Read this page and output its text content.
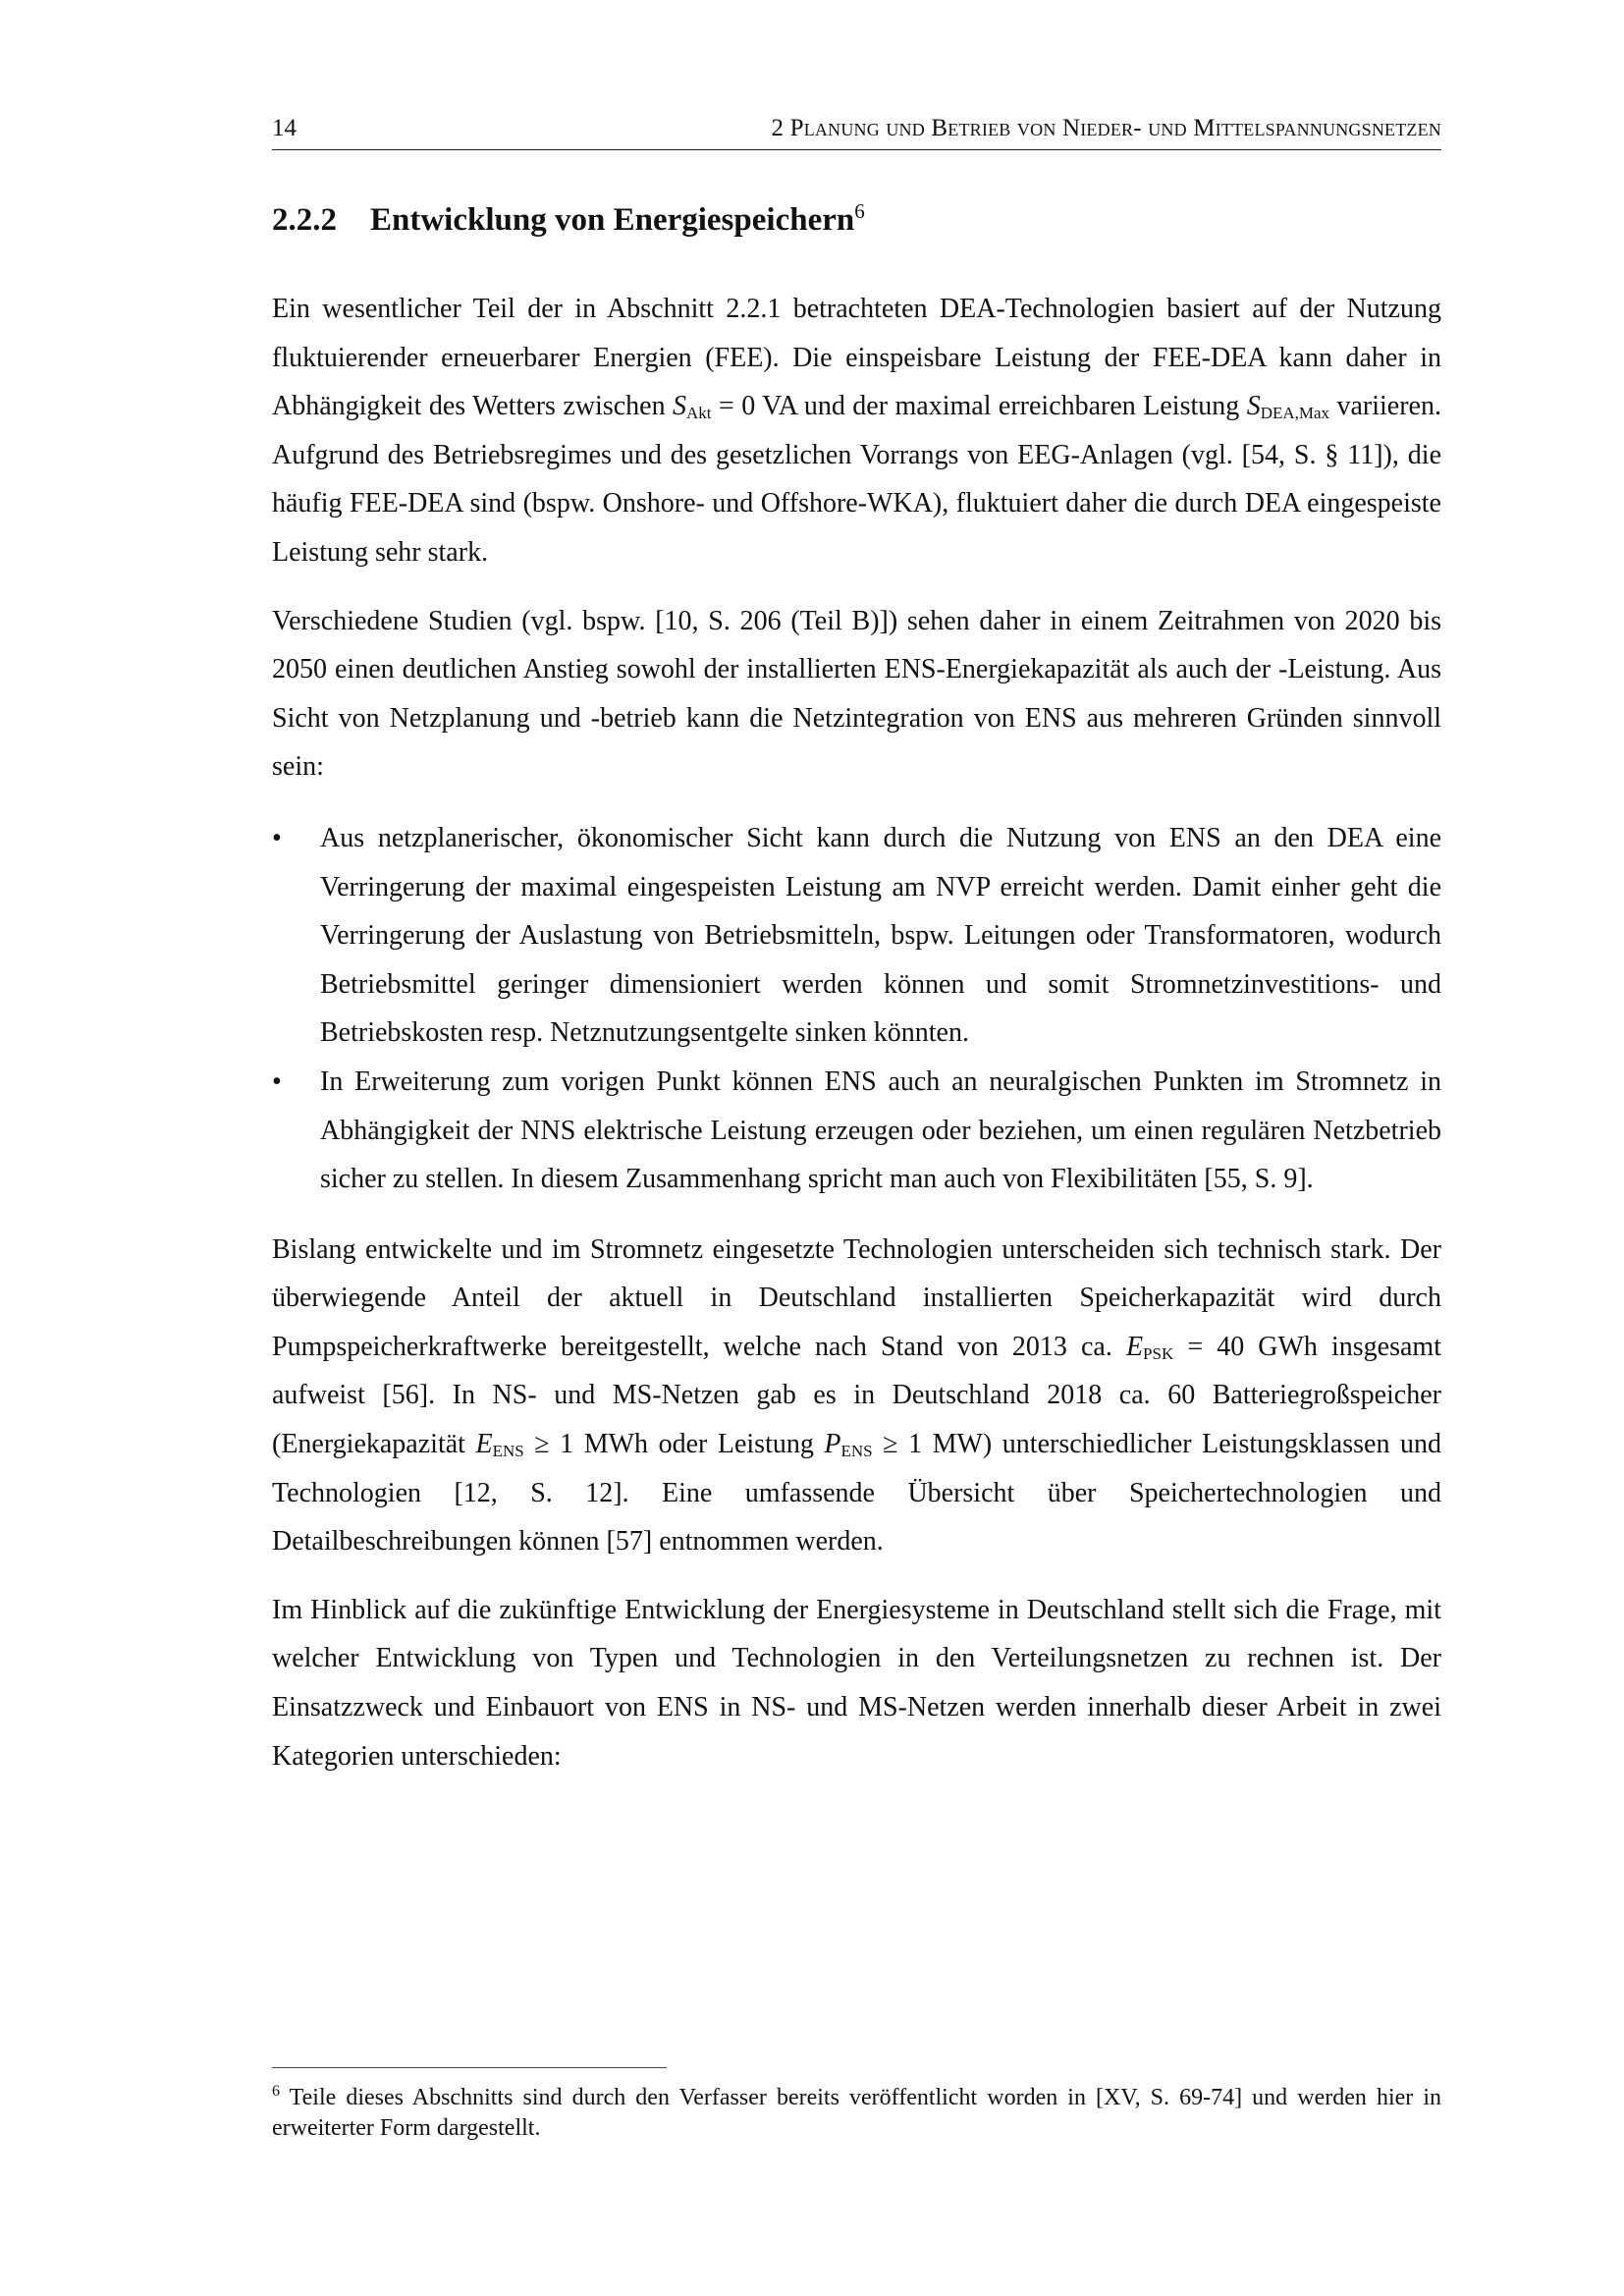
14	2 Planung und Betrieb von Nieder- und Mittelspannungsnetzen
2.2.2 Entwicklung von Energiespeichern$^6$

Ein wesentlicher Teil der in Abschnitt 2.2.1 betrachteten DEA-Technologien basiert auf der Nutzung fluktuierender erneuerbarer Energien (FEE). Die einspeisbare Leistung der FEE-DEA kann daher in Abhängigkeit des Wetters zwischen $S_{Akt} = 0$ VA und der maximal erreichbaren Leistung $S_{DEA,Max}$ variieren. Aufgrund des Betriebsregimes und des gesetzlichen Vorrangs von EEG-Anlagen (vgl. [54, S. § 11]), die häufig FEE-DEA sind (bspw. Onshore- und Offshore-WKA), fluktuiert daher die durch DEA eingespeiste Leistung sehr stark.

Verschiedene Studien (vgl. bspw. [10, S. 206 (Teil B)]) sehen daher in einem Zeitrahmen von 2020 bis 2050 einen deutlichen Anstieg sowohl der installierten ENS-Energiekapazität als auch der -Leistung. Aus Sicht von Netzplanung und -betrieb kann die Netzintegration von ENS aus mehreren Gründen sinnvoll sein:

•	Aus netzplanerischer, ökonomischer Sicht kann durch die Nutzung von ENS an den DEA eine Verringerung der maximal eingespeisten Leistung am NVP erreicht werden. Damit einher geht die Verringerung der Auslastung von Betriebsmitteln, bspw. Leitungen oder Transformatoren, wodurch Betriebsmittel geringer dimensioniert werden können und somit Stromnetzinvestitions- und Betriebskosten resp. Netznutzungsentgelte sinken könnten.
•	In Erweiterung zum vorigen Punkt können ENS auch an neuralgischen Punkten im Stromnetz in Abhängigkeit der NNS elektrische Leistung erzeugen oder beziehen, um einen regulären Netzbetrieb sicher zu stellen. In diesem Zusammenhang spricht man auch von Flexibilitäten [55, S. 9].

Bislang entwickelte und im Stromnetz eingesetzte Technologien unterscheiden sich technisch stark. Der überwiegende Anteil der aktuell in Deutschland installierten Speicherkapazität wird durch Pumpspeicherkraftwerke bereitgestellt, welche nach Stand von 2013 ca. $E_{PSK} = 40$ GWh insgesamt aufweist [56]. In NS- und MS-Netzen gab es in Deutschland 2018 ca. 60 Batteriegroßspeicher (Energiekapazität $E_{ENS} \ge 1$ MWh oder Leistung $P_{ENS} \ge 1$ MW) unterschiedlicher Leistungsklassen und Technologien [12, S. 12]. Eine umfassende Übersicht über Speichertechnologien und Detailbeschreibungen können [57] entnommen werden.

Im Hinblick auf die zukünftige Entwicklung der Energiesysteme in Deutschland stellt sich die Frage, mit welcher Entwicklung von Typen und Technologien in den Verteilungsnetzen zu rechnen ist. Der Einsatzzweck und Einbauort von ENS in NS- und MS-Netzen werden innerhalb dieser Arbeit in zwei Kategorien unterschieden:

$^6$ Teile dieses Abschnitts sind durch den Verfasser bereits veröffentlicht worden in [XV, S. 69-74] und werden hier in erweiterter Form dargestellt.
